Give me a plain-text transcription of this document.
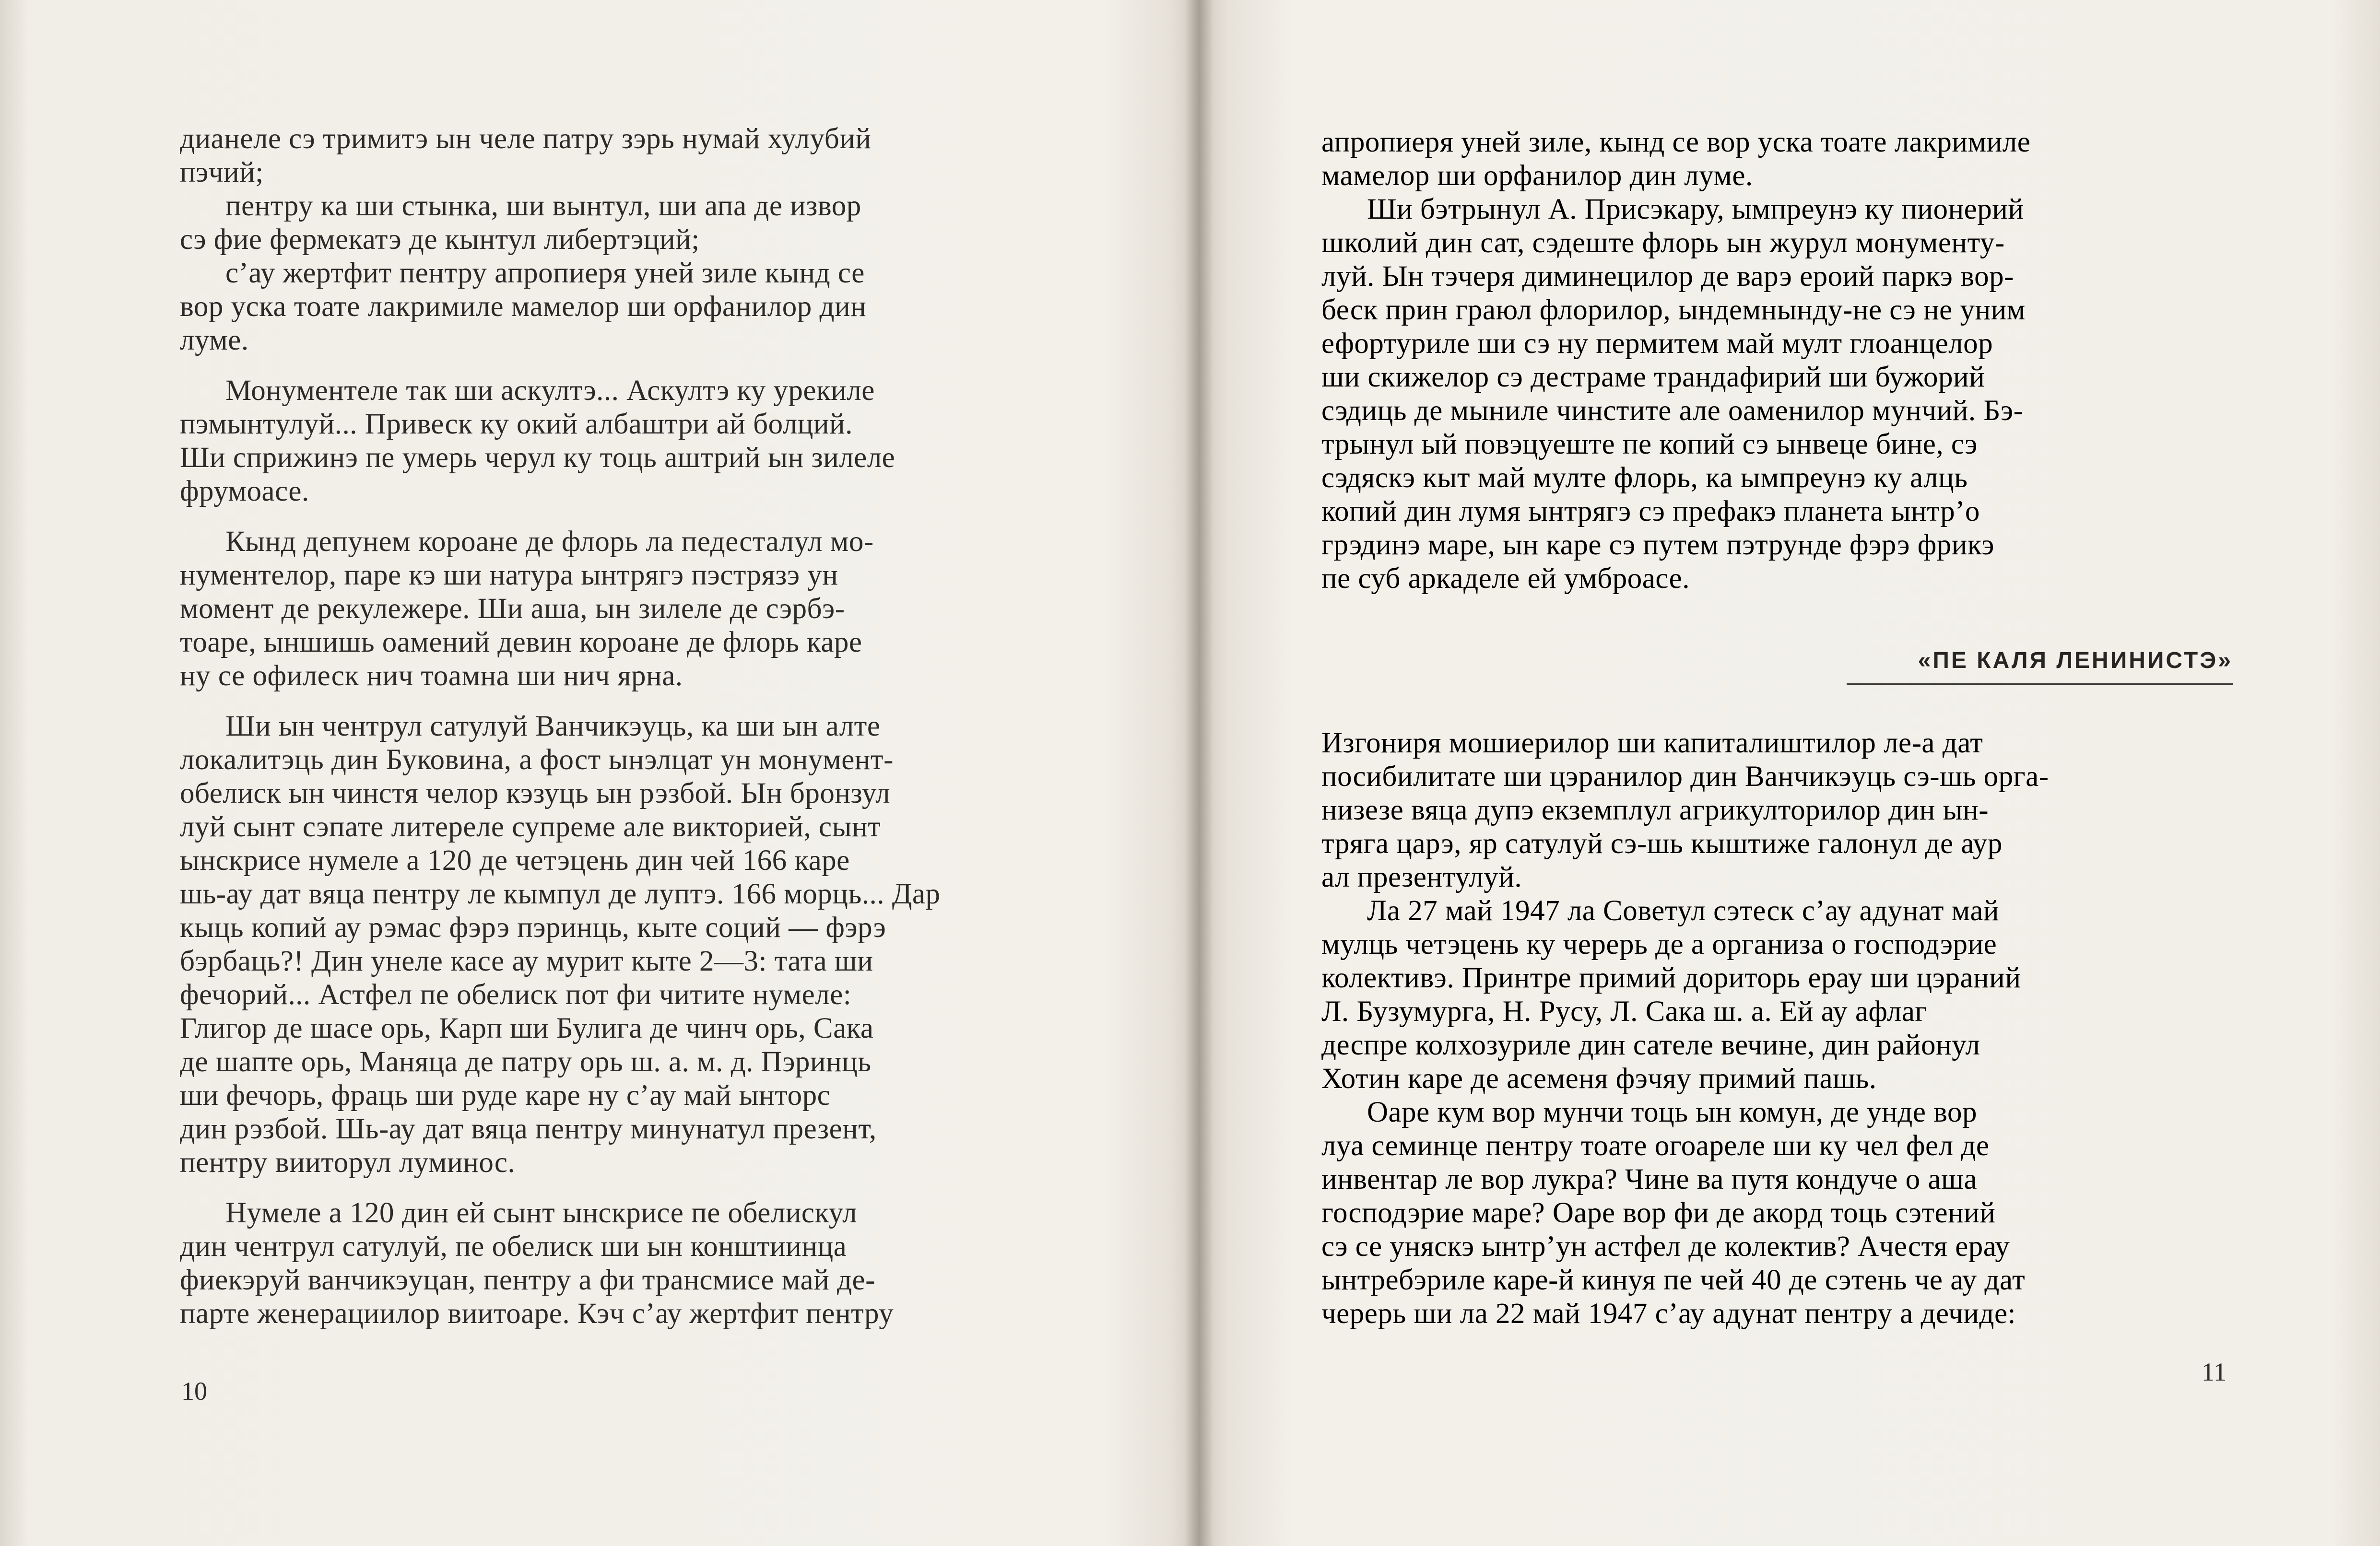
дианеле сэ тримитэ ын челе патру зэрь нумай хулубий
пэчий;

пентру ка ши стынка, ши вынтул, ши апа де извор
сэ фие фермекатэ де кынтул либертэций;

с’ау жертфит пентру апропиеря уней зиле кынд се
вор уска тоате лакримиле мамелор ши орфанилор дин
луме.

Монументеле так ши аскултэ... Аскултэ ку урекиле
пэмынтулуй... Привеск ку окий албаштри ай болций.
Ши сприжинэ пе умерь черул ку тоць аштрий ын зилеле
фрумоасе.

Кынд депунем короане де флорь ла педесталул мо-
нументелор, паре кэ ши натура ынтрягэ пэстрязэ ун
момент де рекулежере. Ши аша, ын зилеле де сэрбэ-
тоаре, ыншишь оамений девин короане де флорь каре
ну се офилеск нич тоамна ши нич ярна.

Ши ын чентрул сатулуй Ванчикэуць, ка ши ын алте
локалитэць дин Буковина, а фост ынэлцат ун монумент-
обелиск ын чинстя челор кэзуць ын рэзбой. Ын бронзул
луй сынт сэпате литереле супреме але викторией, сынт
ынскрисе нумеле а 120 де четэцень дин чей 166 каре
шь-ау дат вяца пентру ле кымпул де луптэ. 166 морць... Дар
кыць копий ау рэмас фэрэ пэринць, кыте соций — фэрэ
бэрбаць?! Дин унеле касе ау мурит кыте 2—3: тата ши
фечорий... Астфел пе обелиск пот фи читите нумеле:
Глигор де шасе орь, Карп ши Булига де чинч орь, Сака
де шапте орь, Маняца де патру орь ш. а. м. д. Пэринць
ши фечорь, фраць ши руде каре ну с’ау май ынторс
дин рэзбой. Шь-ау дат вяца пентру минунатул презент,
пентру вииторул луминос.

Нумеле а 120 дин ей сынт ынскрисе пе обелискул
дин чентрул сатулуй, пе обелиск ши ын конштиинца
фиекэруй ванчикэуцан, пентру а фи трансмисе май де-
парте женерациилор виитоаре. Кэч с’ау жертфит пентру

10

апропиеря уней зиле, кынд се вор уска тоате лакримиле
мамелор ши орфанилор дин луме.

Ши бэтрынул А. Присэкару, ымпреунэ ку пионерий
школий дин сат, сэдеште флорь ын журул монументу-
луй. Ын тэчеря диминецилор де варэ ероий паркэ вор-
беск прин граюл флорилор, ындемнынду-не сэ не уним
ефортуриле ши сэ ну пермитем май мулт глоанцелор
ши скижелор сэ дестраме трандафирий ши бужорий
сэдиць де мыниле чинстите але оаменилор мунчий. Бэ-
трынул ый повэцуеште пе копий сэ ынвеце бине, сэ
сэдяскэ кыт май мулте флорь, ка ымпреунэ ку алць
копий дин лумя ынтрягэ сэ префакэ планета ынтр’о
грэдинэ маре, ын каре сэ путем пэтрунде фэрэ фрикэ
пе суб аркаделе ей умброасе.

«ПЕ КАЛЯ ЛЕНИНИСТЭ»

Изгониря мошиерилор ши капиталиштилор ле-а дат
посибилитате ши цэранилор дин Ванчикэуць сэ-шь орга-
низезе вяца дупэ екземплул агрикулторилор дин ын-
тряга царэ, яр сатулуй сэ-шь кыштиже галонул де аур
ал презентулуй.

Ла 27 май 1947 ла Советул сэтеск с’ау адунат май
мулць четэцень ку черерь де а организа о господэрие
колективэ. Принтре примий доритоpь ерау ши цэраний
Л. Бузумурга, Н. Русу, Л. Сака ш. а. Ей ау афлаг
деспре колхозуриле дин сателе вечине, дин районул
Хотин каре де асеменя фэчяу примий пашь.

Оаре кум вор мунчи тоць ын комун, де унде вор
луа семинце пентру тоате огоареле ши ку чел фел де
инвентар ле вор лукра? Чине ва путя кондуче о аша
господэрие маре? Оаре вор фи де акорд тоць сэтений
сэ се уняскэ ынтр’ун астфел де колектив? Ачестя ерау
ынтребэриле каре-й кинуя пе чей 40 де сэтень че ау дат
черерь ши ла 22 май 1947 с’ау адунат пентру а дечиде:

11
